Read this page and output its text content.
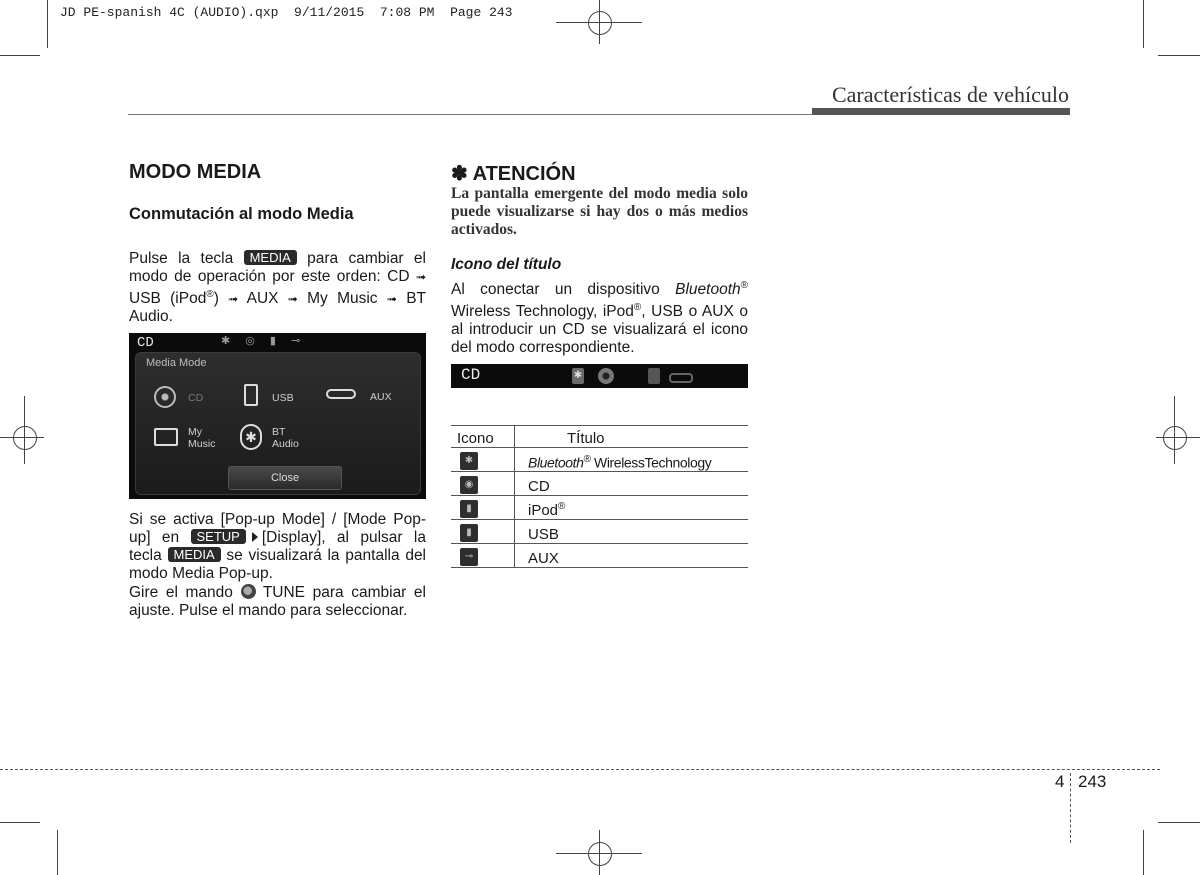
JD PE-spanish 4C (AUDIO).qxp  9/11/2015  7:08 PM  Page 243
Características de vehículo
MODO MEDIA
Conmutación al modo Media
Pulse la tecla MEDIA para cambiar el modo de operación por este orden: CD ➟ USB (iPod®) ➟ AUX ➟ My Music ➟ BT Audio.
CD	✱ ◎ ▮ ⊸
Media Mode
CD	USB	AUX
My
Music	✱	BT
Audio
Close
Si se activa [Pop-up Mode] / [Mode Pop-up] en SETUP [Display], al pulsar la tecla MEDIA se visualizará la pantalla del modo Media Pop-up.
Gire el mando TUNE para cambiar el ajuste. Pulse el mando para seleccionar.
✽ ATENCIÓN
La pantalla emergente del modo media solo puede visualizarse si hay dos o más medios activados.
Icono del título
Al conectar un dispositivo Bluetooth® Wireless Technology, iPod®, USB o AUX o al introducir un CD se visualizará el icono del modo correspondiente.
CD	✱
Icono	TÍtulo

✱	Bluetooth® WirelessTechnology

◉	CD

▮	iPod®

▮	USB

⊸	AUX
4 243
